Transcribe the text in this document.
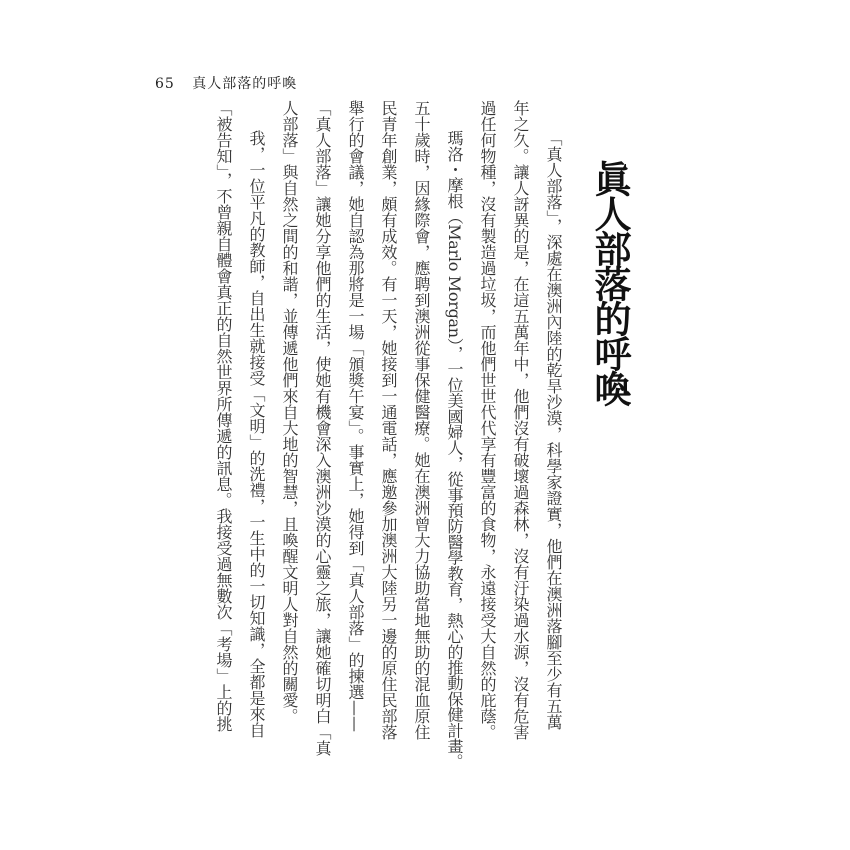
65 真人部落的呼喚
眞人部落的呼喚
「真人部落」，深處在澳洲內陸的乾旱沙漠，科學家證實，他們在澳洲落腳至少有五萬
年之久。讓人訝異的是，在這五萬年中，他們沒有破壞過森林，沒有汙染過水源，沒有危害
過任何物種，沒有製造過垃圾，而他們世世代代享有豐富的食物，永遠接受大自然的庇蔭。
瑪洛・摩根（Marlo Morgan），一位美國婦人，從事預防醫學教育，熱心的推動保健計畫。
五十歲時，因緣際會，應聘到澳洲從事保健醫療。她在澳洲曾大力協助當地無助的混血原住
民青年創業，頗有成效。有一天，她接到一通電話，應邀參加澳洲大陸另一邊的原住民部落
舉行的會議，她自認為那將是一場「頒獎午宴」。事實上，她得到「真人部落」的揀選——
「真人部落」讓她分享他們的生活，使她有機會深入澳洲沙漠的心靈之旅，讓她確切明白「真
人部落」與自然之間的和諧，並傳遞他們來自大地的智慧，且喚醒文明人對自然的關愛。
我，一位平凡的教師，自出生就接受「文明」的洗禮，一生中的一切知識，全都是來自
「被告知」，不曾親自體會真正的自然世界所傳遞的訊息。我接受過無數次「考場」上的挑
